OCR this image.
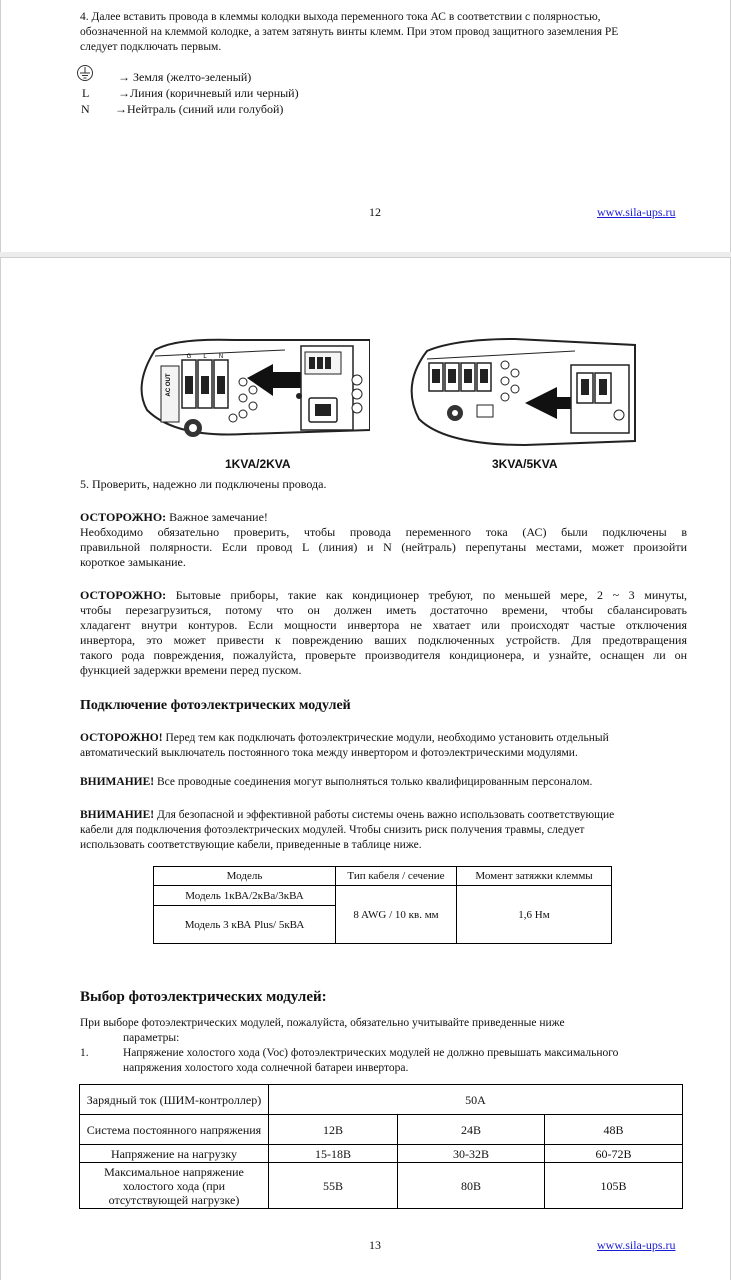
4. Далее вставить провода в клеммы колодки выхода переменного тока АС в соответствии с полярностью,
обозначенной на клеммой колодке, а затем затянуть винты клемм. При этом провод защитного заземления PE
следует подключать первым.
→ Земля (желто-зеленый)
L →Линия (коричневый или черный)
N →Нейтраль (синий или голубой)
12	www.sila-ups.ru
AC OUT
G L N
1KVA/2KVA	3KVA/5KVA
5. Проверить, надежно ли подключены провода.
ОСТОРОЖНО: Важное замечание!
Необходимо обязательно проверить, чтобы провода переменного тока (АС) были подключены в
правильной полярности. Если провод L (линия) и N (нейтраль) перепутаны местами, может произойти
короткое замыкание.
ОСТОРОЖНО: Бытовые приборы, такие как кондиционер требуют, по меньшей мере, 2 ~ 3 минуты,
чтобы перезагрузиться, потому что он должен иметь достаточно времени, чтобы сбалансировать
хладагент внутри контуров. Если мощности инвертора не хватает или происходят частые отключения
инвертора, это может привести к повреждению ваших подключенных устройств. Для предотвращения
такого рода повреждения, пожалуйста, проверьте производителя кондиционера, и узнайте, оснащен ли он
функцией задержки времени перед пуском.
Подключение фотоэлектрических модулей
ОСТОРОЖНО! Перед тем как подключать фотоэлектрические модули, необходимо установить отдельный
автоматический выключатель постоянного тока между инвертором и фотоэлектрическими модулями.
ВНИМАНИЕ! Все проводные соединения могут выполняться только квалифицированным персоналом.
ВНИМАНИЕ! Для безопасной и эффективной работы системы очень важно использовать соответствующие
кабели для подключения фотоэлектрических модулей. Чтобы снизить риск получения травмы, следует
использовать соответствующие кабели, приведенные в таблице ниже.
Модель	Тип кабеля / сечение	Момент затяжки клеммы
Модель 1кВА/2кВа/3кВА	8 AWG / 10 кв. мм	1,6 Нм
Модель 3 кВА Plus/ 5кВА		
Выбор фотоэлектрических модулей:
При выборе фотоэлектрических модулей, пожалуйста, обязательно учитывайте приведенные ниже
параметры:
1.	Напряжение холостого хода (Voc) фотоэлектрических модулей не должно превышать максимального
напряжения холостого хода солнечной батареи инвертора.
Зарядный ток (ШИМ-контроллер)	50А		
Система постоянного напряжения	12В	24В	48В
Напряжение на нагрузку	15-18В	30-32В	60-72В
Максимальное напряжение холостого хода (при отсутствующей нагрузке)	55В	80В	105В
13	www.sila-ups.ru
